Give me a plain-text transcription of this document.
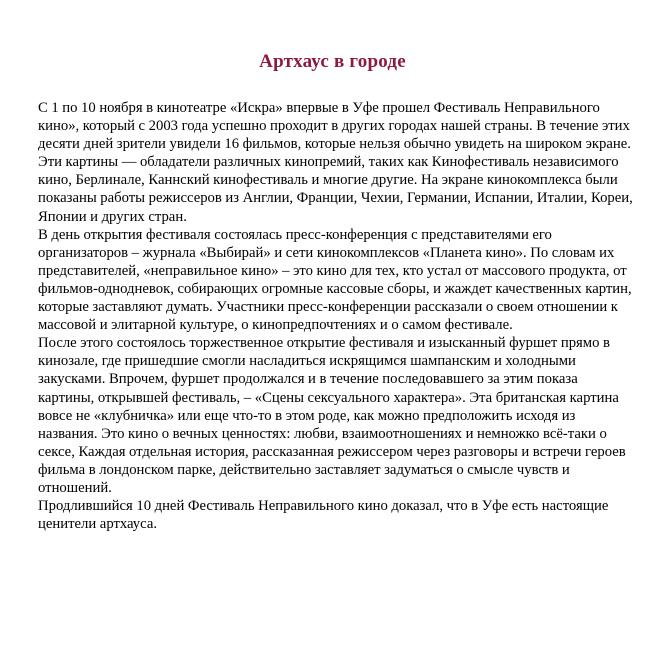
Артхаус в городе

С 1 по 10 ноября в кинотеатре «Искра» впервые в Уфе прошел Фестиваль Неправильного кино», который с 2003 года успешно проходит в других городах нашей страны. В течение этих десяти дней зрители увидели 16 фильмов, которые нельзя обычно увидеть на широком экране. Эти картины — обладатели различных кинопремий, таких как Кинофестиваль независимого кино, Берлинале, Каннский кинофестиваль и многие другие. На экране кинокомплекса были показаны работы режиссеров из Англии, Франции, Чехии, Германии, Испании, Италии, Кореи, Японии и других стран.

В день открытия фестиваля состоялась пресс-конференция с представителями его организаторов – журнала «Выбирай» и сети кинокомплексов «Планета кино». По словам их представителей, «неправильное кино» – это кино для тех, кто устал от массового продукта, от фильмов-однодневок, собирающих огромные кассовые сборы, и жаждет качественных картин, которые заставляют думать. Участники пресс-конференции рассказали о своем отношении к массовой и элитарной культуре, о кинопредпочтениях и о самом фестивале.

После этого состоялось торжественное открытие фестиваля и изысканный фуршет прямо в кинозале, где пришедшие смогли насладиться искрящимся шампанским и холодными закусками. Впрочем, фуршет продолжался и в течение последовавшего за этим показа картины, открывшей фестиваль, – «Сцены сексуального характера». Эта британская картина вовсе не «клубничка» или еще что-то в этом роде, как можно предположить исходя из названия. Это кино о вечных ценностях: любви, взаимоотношениях и немножко всё-таки о сексе, Каждая отдельная история, рассказанная режиссером через разговоры и встречи героев фильма в лондонском парке, действительно заставляет задуматься о смысле чувств и отношений.

Продлившийся 10 дней Фестиваль Неправильного кино доказал, что в Уфе есть настоящие ценители артхауса.
